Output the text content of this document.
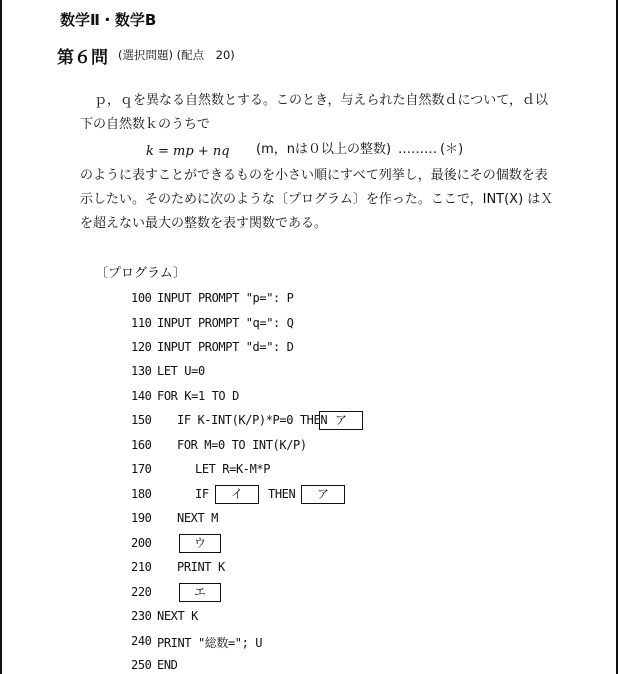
数学Ⅱ・数学B
第６問 (選択問題) (配点　20)
ｐ，ｑを異なる自然数とする。このとき，与えられた自然数ｄについて，ｄ以
下の自然数ｋのうちで
k = mp + nq (m，nは０以上の整数) ……… (＊)
のように表すことができるものを小さい順にすべて列挙し，最後にその個数を表
示したい。そのために次のような〔プログラム〕を作った。ここで，INT(X) はＸ
を超えない最大の整数を表す関数である。
〔プログラム〕
100 INPUT PROMPT "p=": P
110 INPUT PROMPT "q=": Q
120 INPUT PROMPT "d=": D
130 LET U=0
140 FOR K=1 TO D
150	IF K-INT(K/P)*P=0 THEN ア
160	FOR M=0 TO INT(K/P)
170	LET R=K-M*P
180	IF	イ	THEN	ア
190	NEXT M
200	ウ
210	PRINT K
220	エ
230 NEXT K
240 PRINT "総数="; U
250 END
